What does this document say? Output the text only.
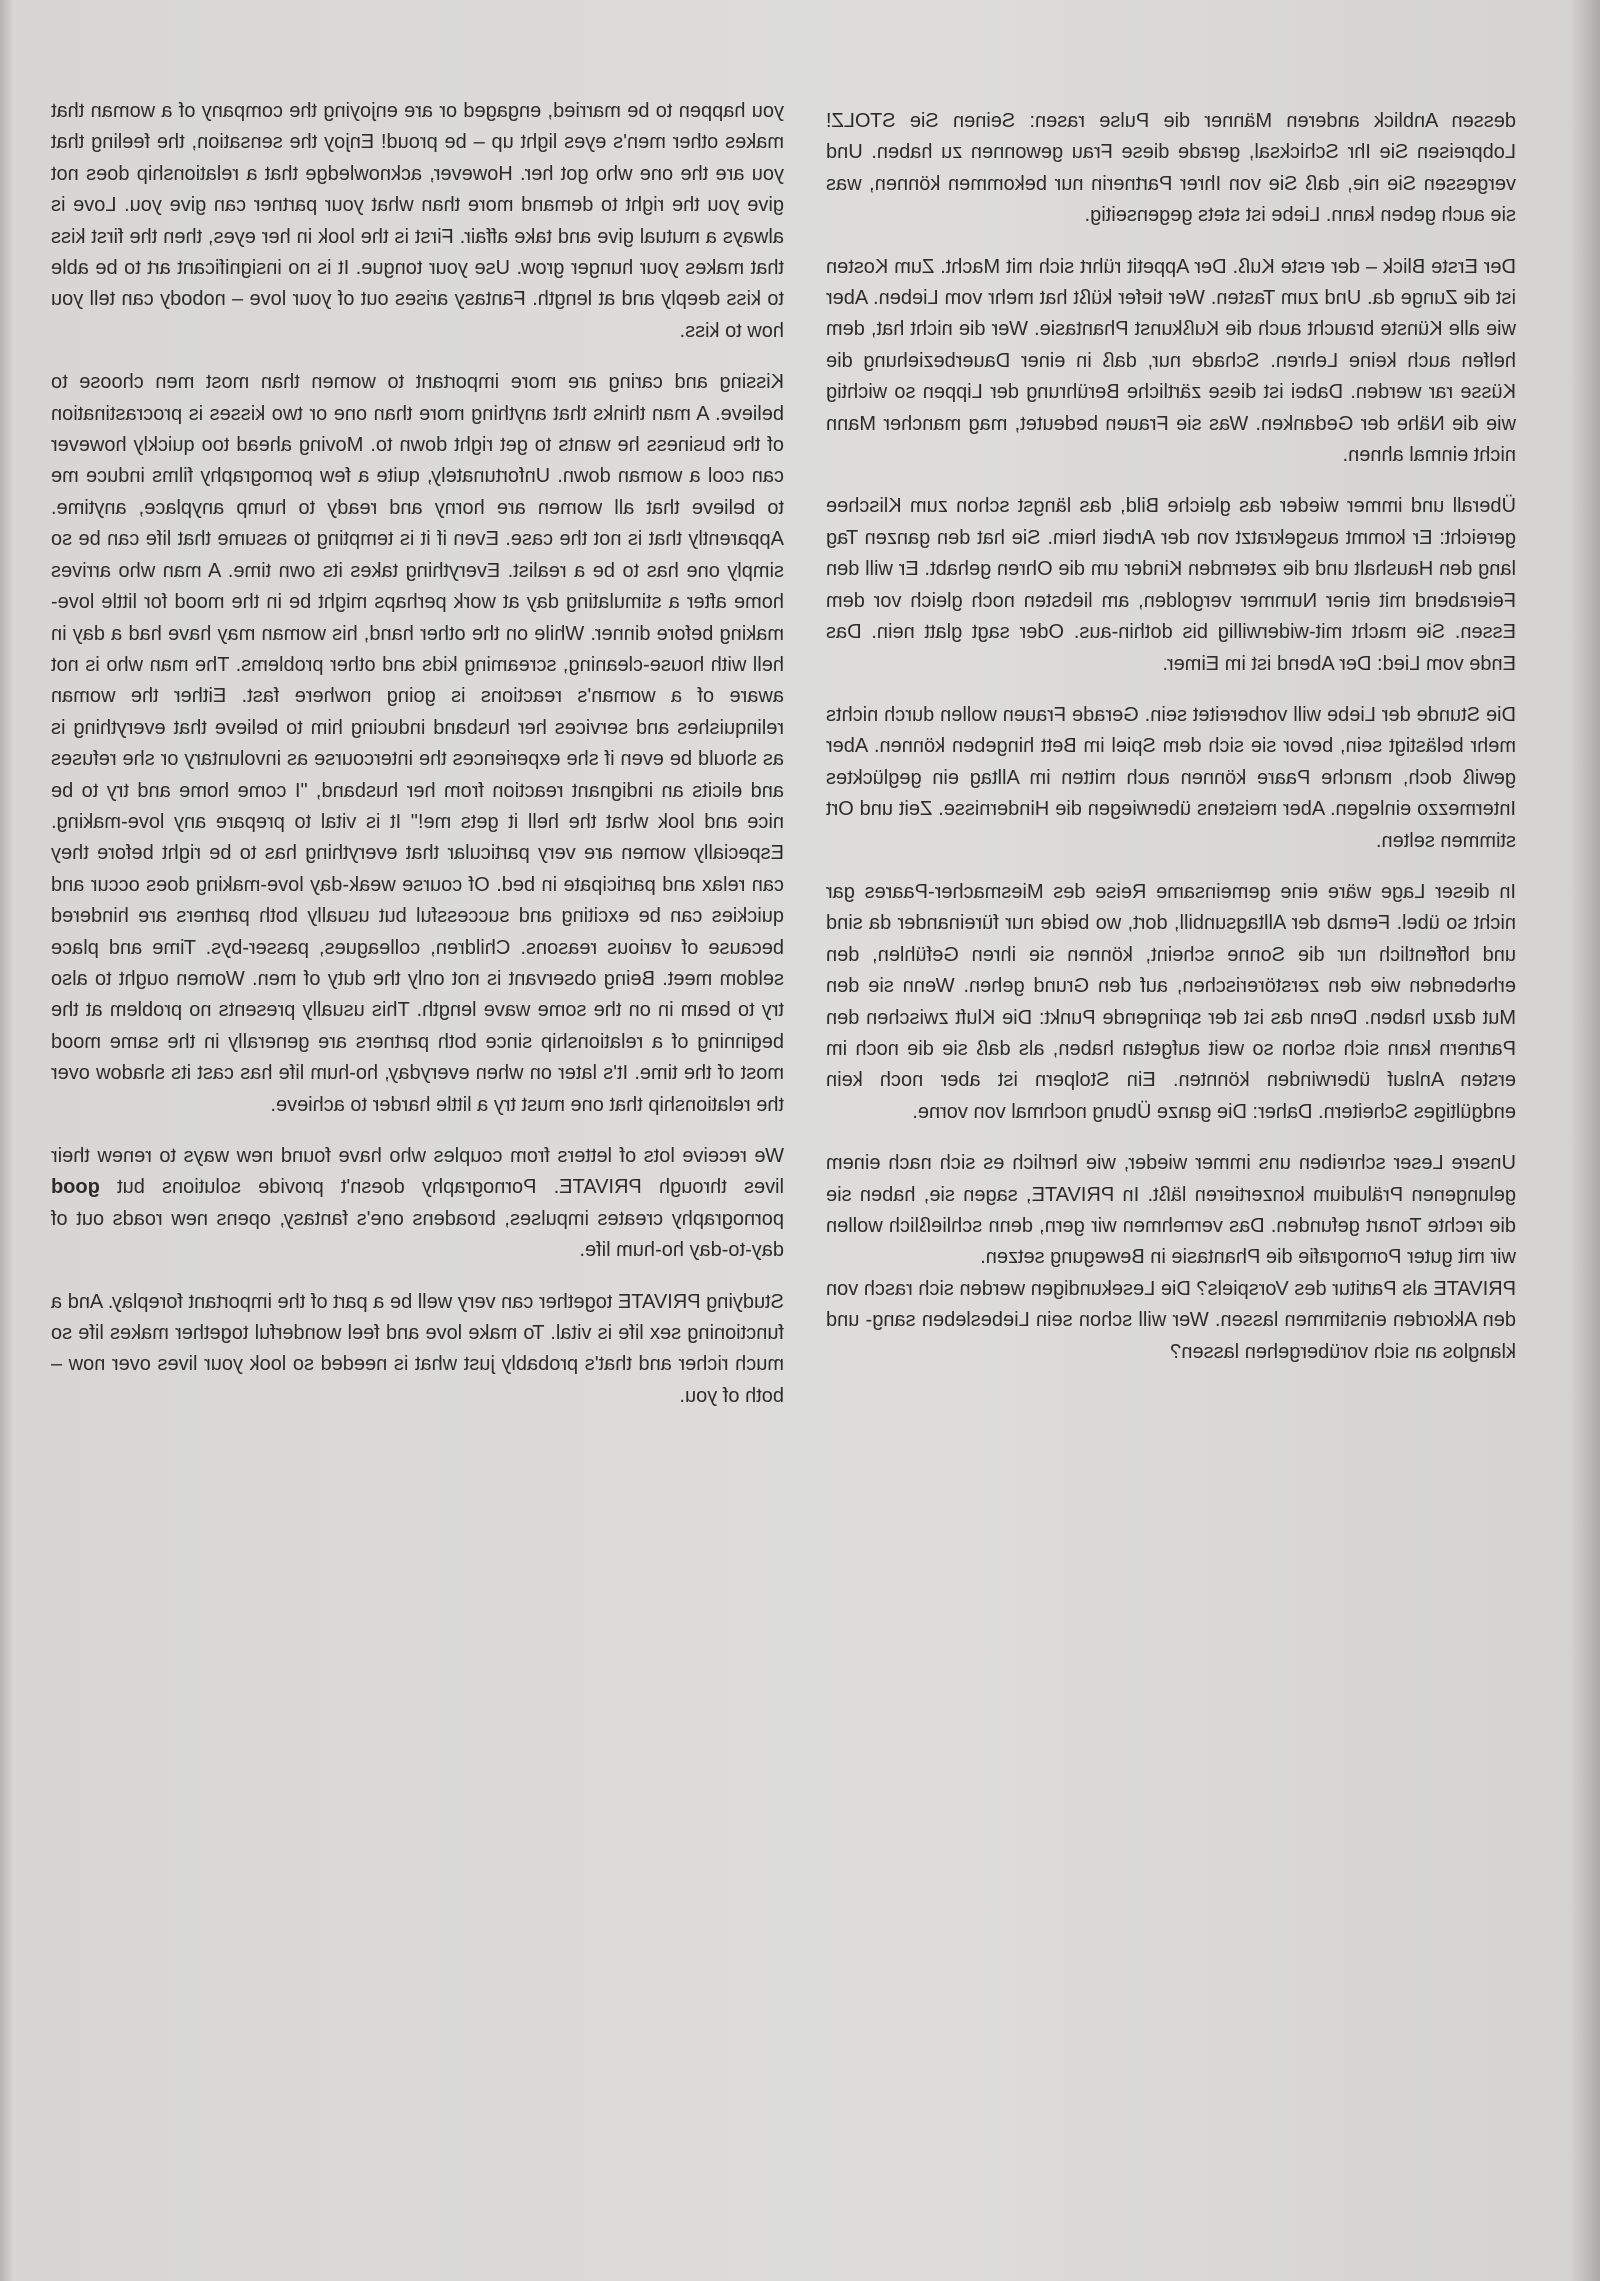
you happen to be married, engaged or are enjoying the company of a woman that makes other men's eyes light up – be proud! Enjoy the sensation, the feeling that you are the one who got her. However, acknowledge that a relationship does not give you the right to demand more than what your partner can give you. Love is always a mutual give and take affair. First is the look in her eyes, then the first kiss that makes your hunger grow. Use your tongue. It is no insignificant art to be able to kiss deeply and at length. Fantasy arises out of your love – nobody can tell you how to kiss.

Kissing and caring are more important to women than most men choose to believe. A man thinks that anything more than one or two kisses is procrastination of the business he wants to get right down to. Moving ahead too quickly however can cool a woman down. Unfortunately, quite a few pornography films induce me to believe that all women are horny and ready to hump anyplace, anytime. Apparently that is not the case. Even if it is tempting to assume that life can be so simply one has to be a realist. Everything takes its own time. A man who arrives home after a stimulating day at work perhaps might be in the mood for little love-making before dinner. While on the other hand, his woman may have had a day in hell with house-cleaning, screaming kids and other problems. The man who is not aware of a woman's reactions is going nowhere fast. Either the woman relinquishes and services her husband inducing him to believe that everything is as should be even if she experiences the intercourse as involuntary or she refuses and elicits an indignant reaction from her husband, "I come home and try to be nice and look what the hell it gets me!" It is vital to prepare any love-making. Especially women are very particular that everything has to be right before they can relax and participate in bed. Of course weak-day love-making does occur and quickies can be exciting and successful but usually both partners are hindered because of various reasons. Children, colleagues, passer-bys. Time and place seldom meet. Being observant is not only the duty of men. Women ought to also try to beam in on the some wave length. This usually presents no problem at the beginning of a relationship since both partners are generally in the same mood most of the time. It's later on when everyday, ho-hum life has cast its shadow over the relationship that one must try a little harder to achieve.

We receive lots of letters from couples who have found new ways to renew their lives through PRIVATE. Pornography doesn't provide solutions but good pornography creates impulses, broadens one's fantasy, opens new roads out of day-to-day ho-hum life.

Studying PRIVATE together can very well be a part of the important foreplay. And a functioning sex life is vital. To make love and feel wonderful together makes life so much richer and that's probably just what is needed so look your lives over now – both of you.

dessen Anblick anderen Männer die Pulse rasen: Seinen Sie STOLZ! Lobpreisen Sie Ihr Schicksal, gerade diese Frau gewonnen zu haben. Und vergessen Sie nie, daß Sie von Ihrer Partnerin nur bekommen können, was sie auch geben kann. Liebe ist stets gegenseitig.

Der Erste Blick – der erste Kuß. Der Appetit rührt sich mit Macht. Zum Kosten ist die Zunge da. Und zum Tasten. Wer tiefer küßt hat mehr vom Lieben. Aber wie alle Künste braucht auch die Kußkunst Phantasie. Wer die nicht hat, dem helfen auch keine Lehren. Schade nur, daß in einer Dauerbeziehung die Küsse rar werden. Dabei ist diese zärtliche Berührung der Lippen so wichtig wie die Nähe der Gedanken. Was sie Frauen bedeutet, mag mancher Mann nicht einmal ahnen.

Überall und immer wieder das gleiche Bild, das längst schon zum Klischee gereicht: Er kommt ausgekratzt von der Arbeit heim. Sie hat den ganzen Tag lang den Haushalt und die zeternden Kinder um die Ohren gehabt. Er will den Feierabend mit einer Nummer vergolden, am liebsten noch gleich vor dem Essen. Sie macht mit-widerwillig bis dothin-aus. Oder sagt glatt nein. Das Ende vom Lied: Der Abend ist im Eimer.

Die Stunde der Liebe will vorbereitet sein. Gerade Frauen wollen durch nichts mehr belästigt sein, bevor sie sich dem Spiel im Bett hingeben können. Aber gewiß doch, manche Paare können auch mitten im Alltag ein geglücktes Intermezzo einlegen. Aber meistens überwiegen die Hindernisse. Zeit und Ort stimmen selten.

In dieser Lage wäre eine gemeinsame Reise des Miesmacher-Paares gar nicht so übel. Fernab der Alltagsunbill, dort, wo beide nur füreinander da sind und hoffentlich nur die Sonne scheint, können sie ihren Gefühlen, den erhebenden wie den zerstörerischen, auf den Grund gehen. Wenn sie den Mut dazu haben. Denn das ist der springende Punkt: Die Kluft zwischen den Partnern kann sich schon so weit aufgetan haben, als daß sie die noch im ersten Anlauf überwinden könnten. Ein Stolpern ist aber noch kein endgültiges Scheitern. Daher: Die ganze Übung nochmal von vorne.

Unsere Leser schreiben uns immer wieder, wie herrlich es sich nach einem gelungenen Präludium konzertieren läßt. In PRIVATE, sagen sie, haben sie die rechte Tonart gefunden. Das vernehmen wir gern, denn schließlich wollen wir mit guter Pornografie die Phantasie in Bewegung setzen.

PRIVATE als Partitur des Vorspiels? Die Lesekundigen werden sich rasch von den Akkorden einstimmen lassen. Wer will schon sein Liebesleben sang- und klanglos an sich vorübergehen lassen?
